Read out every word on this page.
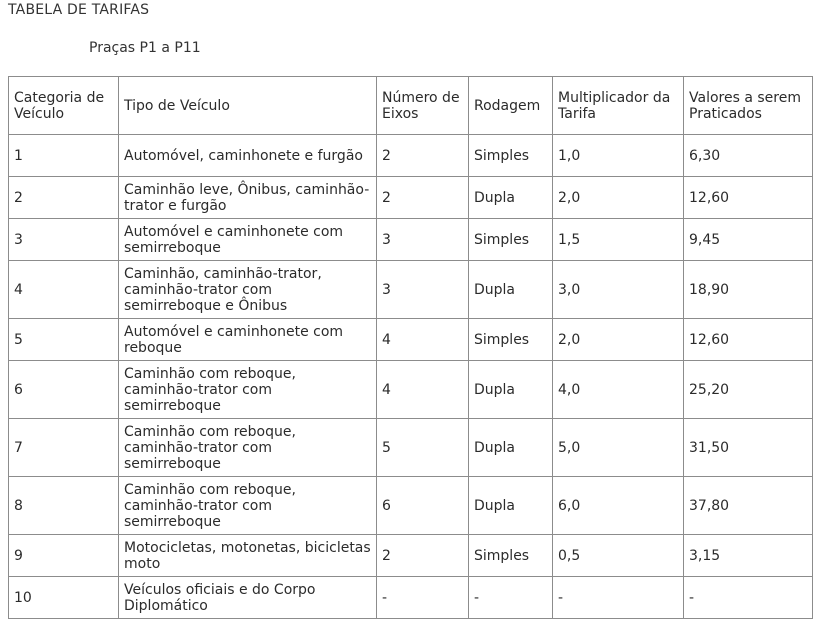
TABELA DE TARIFAS
Praças P1 a P11
Categoria de Veículo	Tipo de Veículo	Número de Eixos	Rodagem	Multiplicador da Tarifa	Valores a serem Praticados
1	Automóvel, caminhonete e furgão	2	Simples	1,0	6,30
2	Caminhão leve, Ônibus, caminhão-trator e furgão	2	Dupla	2,0	12,60
3	Automóvel e caminhonete com semirreboque	3	Simples	1,5	9,45
4	Caminhão, caminhão-trator, caminhão-trator com semirreboque e Ônibus	3	Dupla	3,0	18,90
5	Automóvel e caminhonete com reboque	4	Simples	2,0	12,60
6	Caminhão com reboque, caminhão-trator com semirreboque	4	Dupla	4,0	25,20
7	Caminhão com reboque, caminhão-trator com semirreboque	5	Dupla	5,0	31,50
8	Caminhão com reboque, caminhão-trator com semirreboque	6	Dupla	6,0	37,80
9	Motocicletas, motonetas, bicicletas moto	2	Simples	0,5	3,15
10	Veículos oficiais e do Corpo Diplomático	-	-	-	-
